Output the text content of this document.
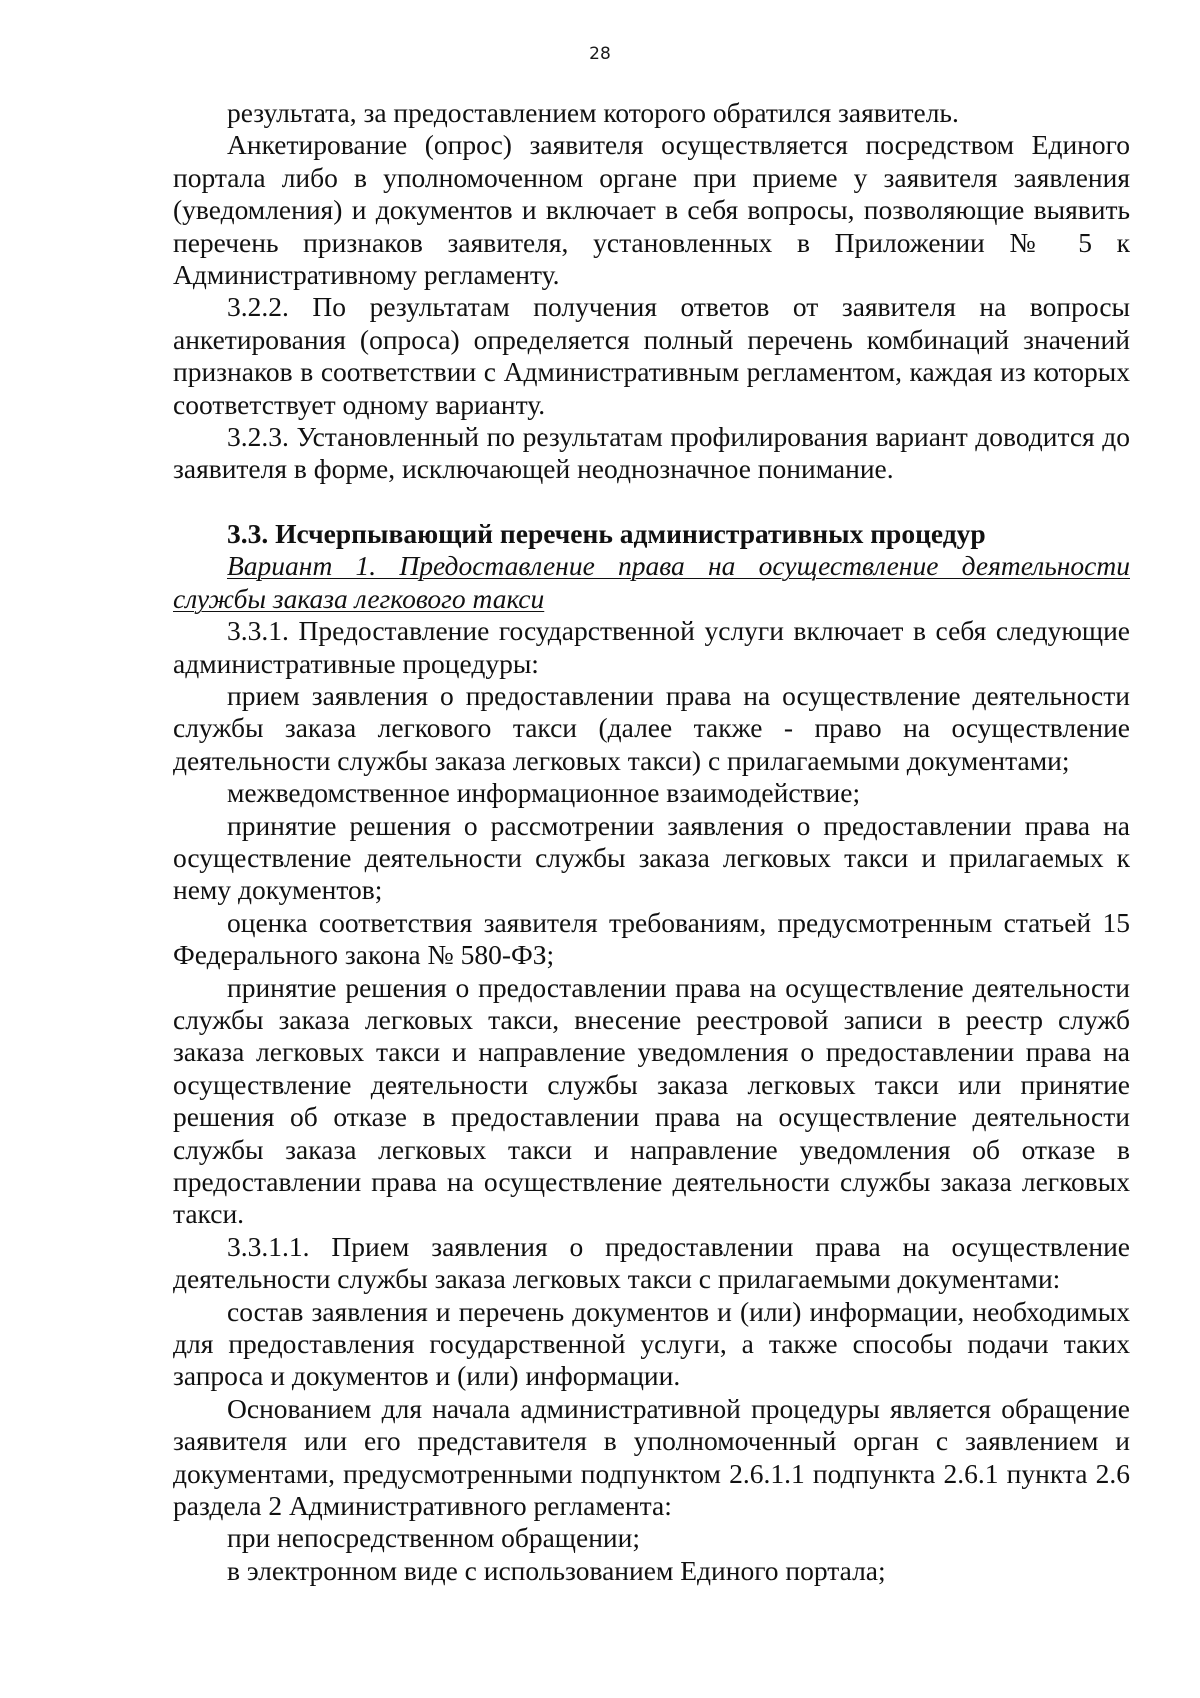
28

результата, за предоставлением которого обратился заявитель.

Анкетирование (опрос) заявителя осуществляется посредством Единого портала либо в уполномоченном органе при приеме у заявителя заявления (уведомления) и документов и включает в себя вопросы, позволяющие выявить перечень признаков заявителя, установленных в Приложении № 5 к Административному регламенту.

3.2.2. По результатам получения ответов от заявителя на вопросы анкетирования (опроса) определяется полный перечень комбинаций значений признаков в соответствии с Административным регламентом, каждая из которых соответствует одному варианту.

3.2.3. Установленный по результатам профилирования вариант доводится до заявителя в форме, исключающей неоднозначное понимание.

3.3. Исчерпывающий перечень административных процедур

Вариант 1. Предоставление права на осуществление деятельности службы заказа легкового такси

3.3.1. Предоставление государственной услуги включает в себя следующие административные процедуры:

прием заявления о предоставлении права на осуществление деятельности службы заказа легкового такси (далее также - право на осуществление деятельности службы заказа легковых такси) с прилагаемыми документами;

межведомственное информационное взаимодействие;

принятие решения о рассмотрении заявления о предоставлении права на осуществление деятельности службы заказа легковых такси и прилагаемых к нему документов;

оценка соответствия заявителя требованиям, предусмотренным статьей 15 Федерального закона № 580-ФЗ;

принятие решения о предоставлении права на осуществление деятельности службы заказа легковых такси, внесение реестровой записи в реестр служб заказа легковых такси и направление уведомления о предоставлении права на осуществление деятельности службы заказа легковых такси или принятие решения об отказе в предоставлении права на осуществление деятельности службы заказа легковых такси и направление уведомления об отказе в предоставлении права на осуществление деятельности службы заказа легковых такси.

3.3.1.1. Прием заявления о предоставлении права на осуществление деятельности службы заказа легковых такси с прилагаемыми документами:

состав заявления и перечень документов и (или) информации, необходимых для предоставления государственной услуги, а также способы подачи таких запроса и документов и (или) информации.

Основанием для начала административной процедуры является обращение заявителя или его представителя в уполномоченный орган с заявлением и документами, предусмотренными подпунктом 2.6.1.1 подпункта 2.6.1 пункта 2.6 раздела 2 Административного регламента:

при непосредственном обращении;

в электронном виде с использованием Единого портала;
